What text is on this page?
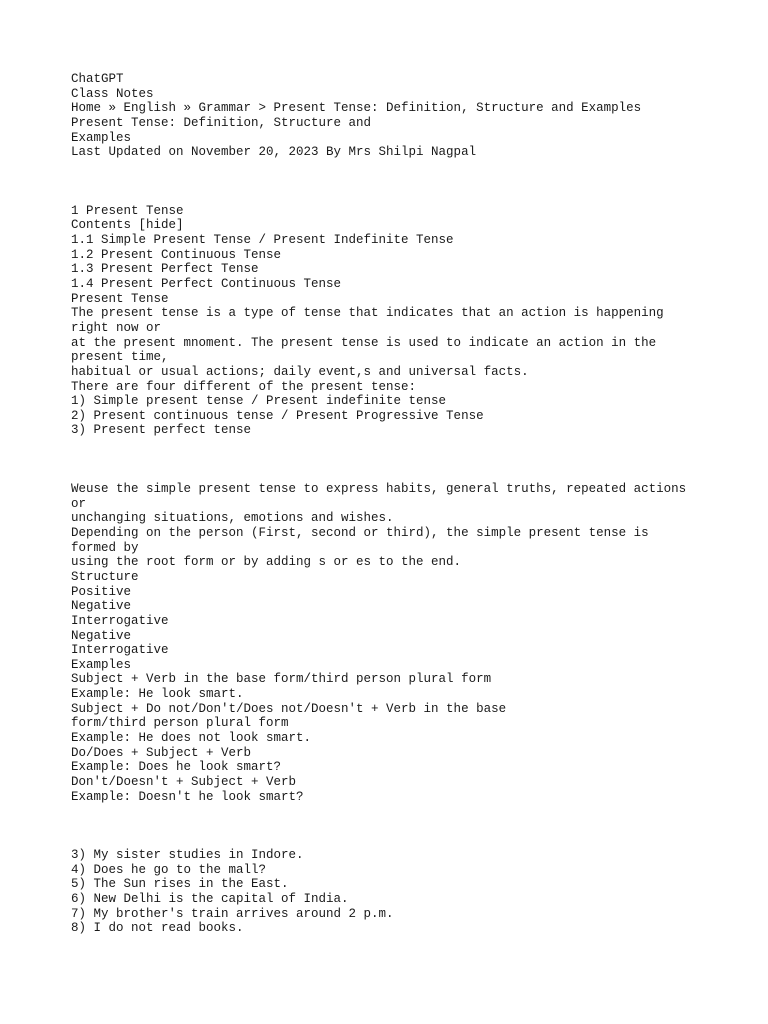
ChatGPT
Class Notes
Home » English » Grammar > Present Tense: Definition, Structure and Examples
Present Tense: Definition, Structure and
Examples
Last Updated on November 20, 2023 By Mrs Shilpi Nagpal
1 Present Tense
Contents [hide]
1.1 Simple Present Tense / Present Indefinite Tense
1.2 Present Continuous Tense
1.3 Present Perfect Tense
1.4 Present Perfect Continuous Tense
Present Tense
The present tense is a type of tense that indicates that an action is happening
right now or
at the present mnoment. The present tense is used to indicate an action in the
present time,
habitual or usual actions; daily event,s and universal facts.
There are four different of the present tense:
1) Simple present tense / Present indefinite tense
2) Present continuous tense / Present Progressive Tense
3) Present perfect tense
Weuse the simple present tense to express habits, general truths, repeated actions
or
unchanging situations, emotions and wishes.
Depending on the person (First, second or third), the simple present tense is
formed by
using the root form or by adding s or es to the end.
Structure
Positive
Negative
Interrogative
Negative
Interrogative
Examples
Subject + Verb in the base form/third person plural form
Example: He look smart.
Subject + Do not/Don't/Does not/Doesn't + Verb in the base
form/third person plural form
Example: He does not look smart.
Do/Does + Subject + Verb
Example: Does he look smart?
Don't/Doesn't + Subject + Verb
Example: Doesn't he look smart?
3) My sister studies in Indore.
4) Does he go to the mall?
5) The Sun rises in the East.
6) New Delhi is the capital of India.
7) My brother's train arrives around 2 p.m.
8) I do not read books.
